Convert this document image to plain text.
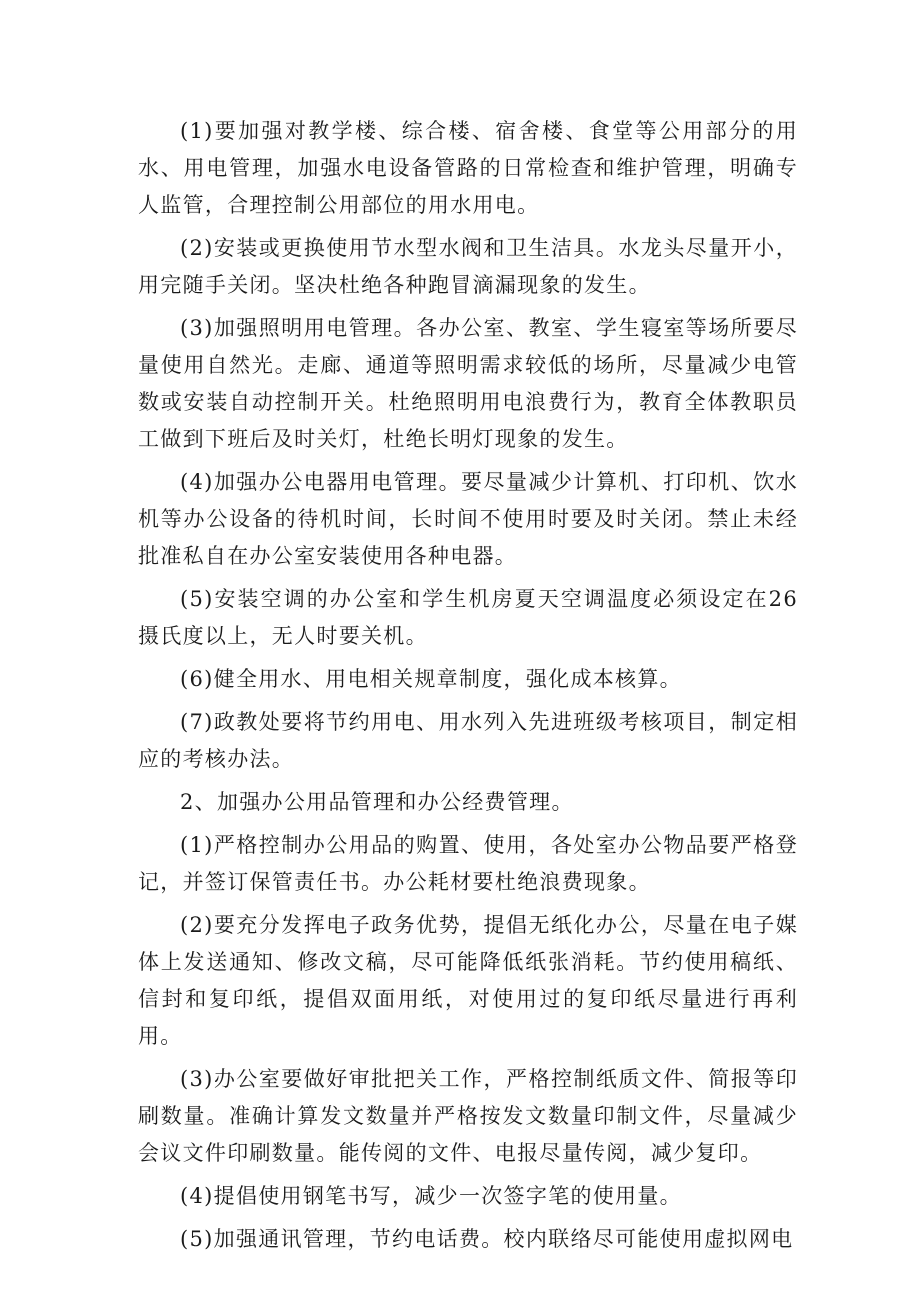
(1)要加强对教学楼、综合楼、宿舍楼、食堂等公用部分的用水、用电管理，加强水电设备管路的日常检查和维护管理，明确专人监管，合理控制公用部位的用水用电。

(2)安装或更换使用节水型水阀和卫生洁具。水龙头尽量开小，用完随手关闭。坚决杜绝各种跑冒滴漏现象的发生。

(3)加强照明用电管理。各办公室、教室、学生寝室等场所要尽量使用自然光。走廊、通道等照明需求较低的场所，尽量减少电管数或安装自动控制开关。杜绝照明用电浪费行为，教育全体教职员工做到下班后及时关灯，杜绝长明灯现象的发生。

(4)加强办公电器用电管理。要尽量减少计算机、打印机、饮水机等办公设备的待机时间，长时间不使用时要及时关闭。禁止未经批准私自在办公室安装使用各种电器。

(5)安装空调的办公室和学生机房夏天空调温度必须设定在26摄氏度以上，无人时要关机。

(6)健全用水、用电相关规章制度，强化成本核算。

(7)政教处要将节约用电、用水列入先进班级考核项目，制定相应的考核办法。

2、加强办公用品管理和办公经费管理。

(1)严格控制办公用品的购置、使用，各处室办公物品要严格登记，并签订保管责任书。办公耗材要杜绝浪费现象。

(2)要充分发挥电子政务优势，提倡无纸化办公，尽量在电子媒体上发送通知、修改文稿，尽可能降低纸张消耗。节约使用稿纸、信封和复印纸，提倡双面用纸，对使用过的复印纸尽量进行再利用。

(3)办公室要做好审批把关工作，严格控制纸质文件、简报等印刷数量。准确计算发文数量并严格按发文数量印制文件，尽量减少会议文件印刷数量。能传阅的文件、电报尽量传阅，减少复印。

(4)提倡使用钢笔书写，减少一次签字笔的使用量。

(5)加强通讯管理，节约电话费。校内联络尽可能使用虚拟网电
